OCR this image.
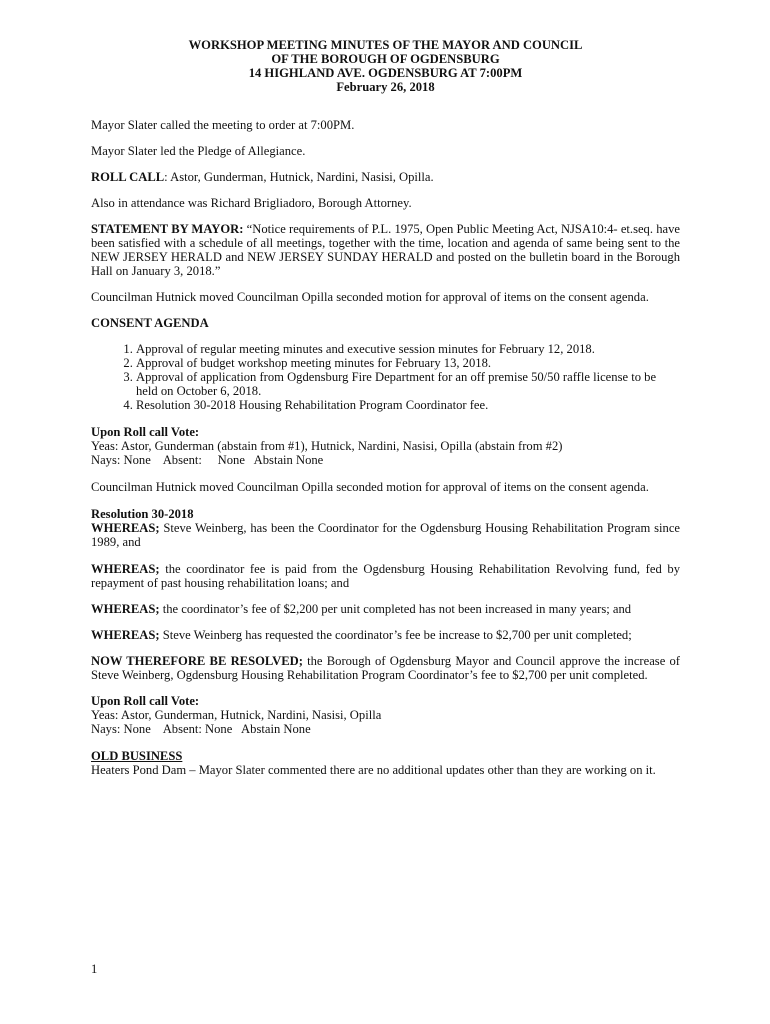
WORKSHOP MEETING MINUTES OF THE MAYOR AND COUNCIL
OF THE BOROUGH OF OGDENSBURG
14 HIGHLAND AVE. OGDENSBURG AT 7:00PM
February 26, 2018

Mayor Slater called the meeting to order at 7:00PM.

Mayor Slater led the Pledge of Allegiance.

ROLL CALL: Astor, Gunderman, Hutnick, Nardini, Nasisi, Opilla.

Also in attendance was Richard Brigliadoro, Borough Attorney.

STATEMENT BY MAYOR: “Notice requirements of P.L. 1975, Open Public Meeting Act, NJSA10:4- et.seq. have been satisfied with a schedule of all meetings, together with the time, location and agenda of same being sent to the NEW JERSEY HERALD and NEW JERSEY SUNDAY HERALD and posted on the bulletin board in the Borough Hall on January 3, 2018.”

Councilman Hutnick moved Councilman Opilla seconded motion for approval of items on the consent agenda.

CONSENT AGENDA
1. Approval of regular meeting minutes and executive session minutes for February 12, 2018.
2. Approval of budget workshop meeting minutes for February 13, 2018.
3. Approval of application from Ogdensburg Fire Department for an off premise 50/50 raffle license to be held on October 6, 2018.
4. Resolution 30-2018 Housing Rehabilitation Program Coordinator fee.
Upon Roll call Vote:
Yeas: Astor, Gunderman (abstain from #1), Hutnick, Nardini, Nasisi, Opilla (abstain from #2)
Nays: None    Absent:     None   Abstain None

Councilman Hutnick moved Councilman Opilla seconded motion for approval of items on the consent agenda.

Resolution 30-2018
WHEREAS; Steve Weinberg, has been the Coordinator for the Ogdensburg Housing Rehabilitation Program since 1989, and

WHEREAS; the coordinator fee is paid from the Ogdensburg Housing Rehabilitation Revolving fund, fed by repayment of past housing rehabilitation loans; and

WHEREAS; the coordinator’s fee of $2,200 per unit completed has not been increased in many years; and

WHEREAS; Steve Weinberg has requested the coordinator’s fee be increase to $2,700 per unit completed;

NOW THEREFORE BE RESOLVED; the Borough of Ogdensburg Mayor and Council approve the increase of Steve Weinberg, Ogdensburg Housing Rehabilitation Program Coordinator’s fee to $2,700 per unit completed.

Upon Roll call Vote:
Yeas: Astor, Gunderman, Hutnick, Nardini, Nasisi, Opilla
Nays: None    Absent: None   Abstain None
OLD BUSINESS
Heaters Pond Dam – Mayor Slater commented there are no additional updates other than they are working on it.
1
